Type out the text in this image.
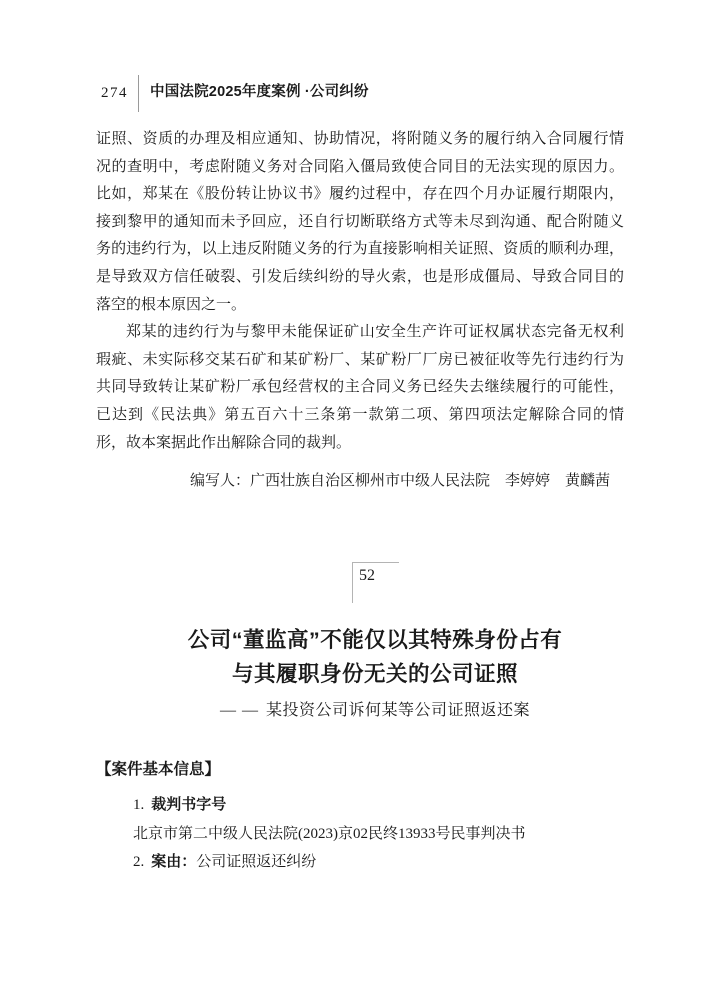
274 中国法院2025年度案例 ·公司纠纷
证照、资质的办理及相应通知、协助情况，将附随义务的履行纳入合同履行情
况的查明中，考虑附随义务对合同陷入僵局致使合同目的无法实现的原因力。
比如，郑某在《股份转让协议书》履约过程中，存在四个月办证履行期限内，
接到黎甲的通知而未予回应，还自行切断联络方式等未尽到沟通、配合附随义
务的违约行为，以上违反附随义务的行为直接影响相关证照、资质的顺利办理，
是导致双方信任破裂、引发后续纠纷的导火索，也是形成僵局、导致合同目的
落空的根本原因之一。
郑某的违约行为与黎甲未能保证矿山安全生产许可证权属状态完备无权利
瑕疵、未实际移交某石矿和某矿粉厂、某矿粉厂厂房已被征收等先行违约行为
共同导致转让某矿粉厂承包经营权的主合同义务已经失去继续履行的可能性，
已达到《民法典》第五百六十三条第一款第二项、第四项法定解除合同的情
形，故本案据此作出解除合同的裁判。
编写人：广西壮族自治区柳州市中级人民法院　李婷婷　黄麟茜
52
公司“董监高”不能仅以其特殊身份占有
与其履职身份无关的公司证照
—— 某投资公司诉何某等公司证照返还案
【案件基本信息】
1. 裁判书字号
北京市第二中级人民法院(2023)京02民终13933号民事判决书
2. 案由：公司证照返还纠纷
